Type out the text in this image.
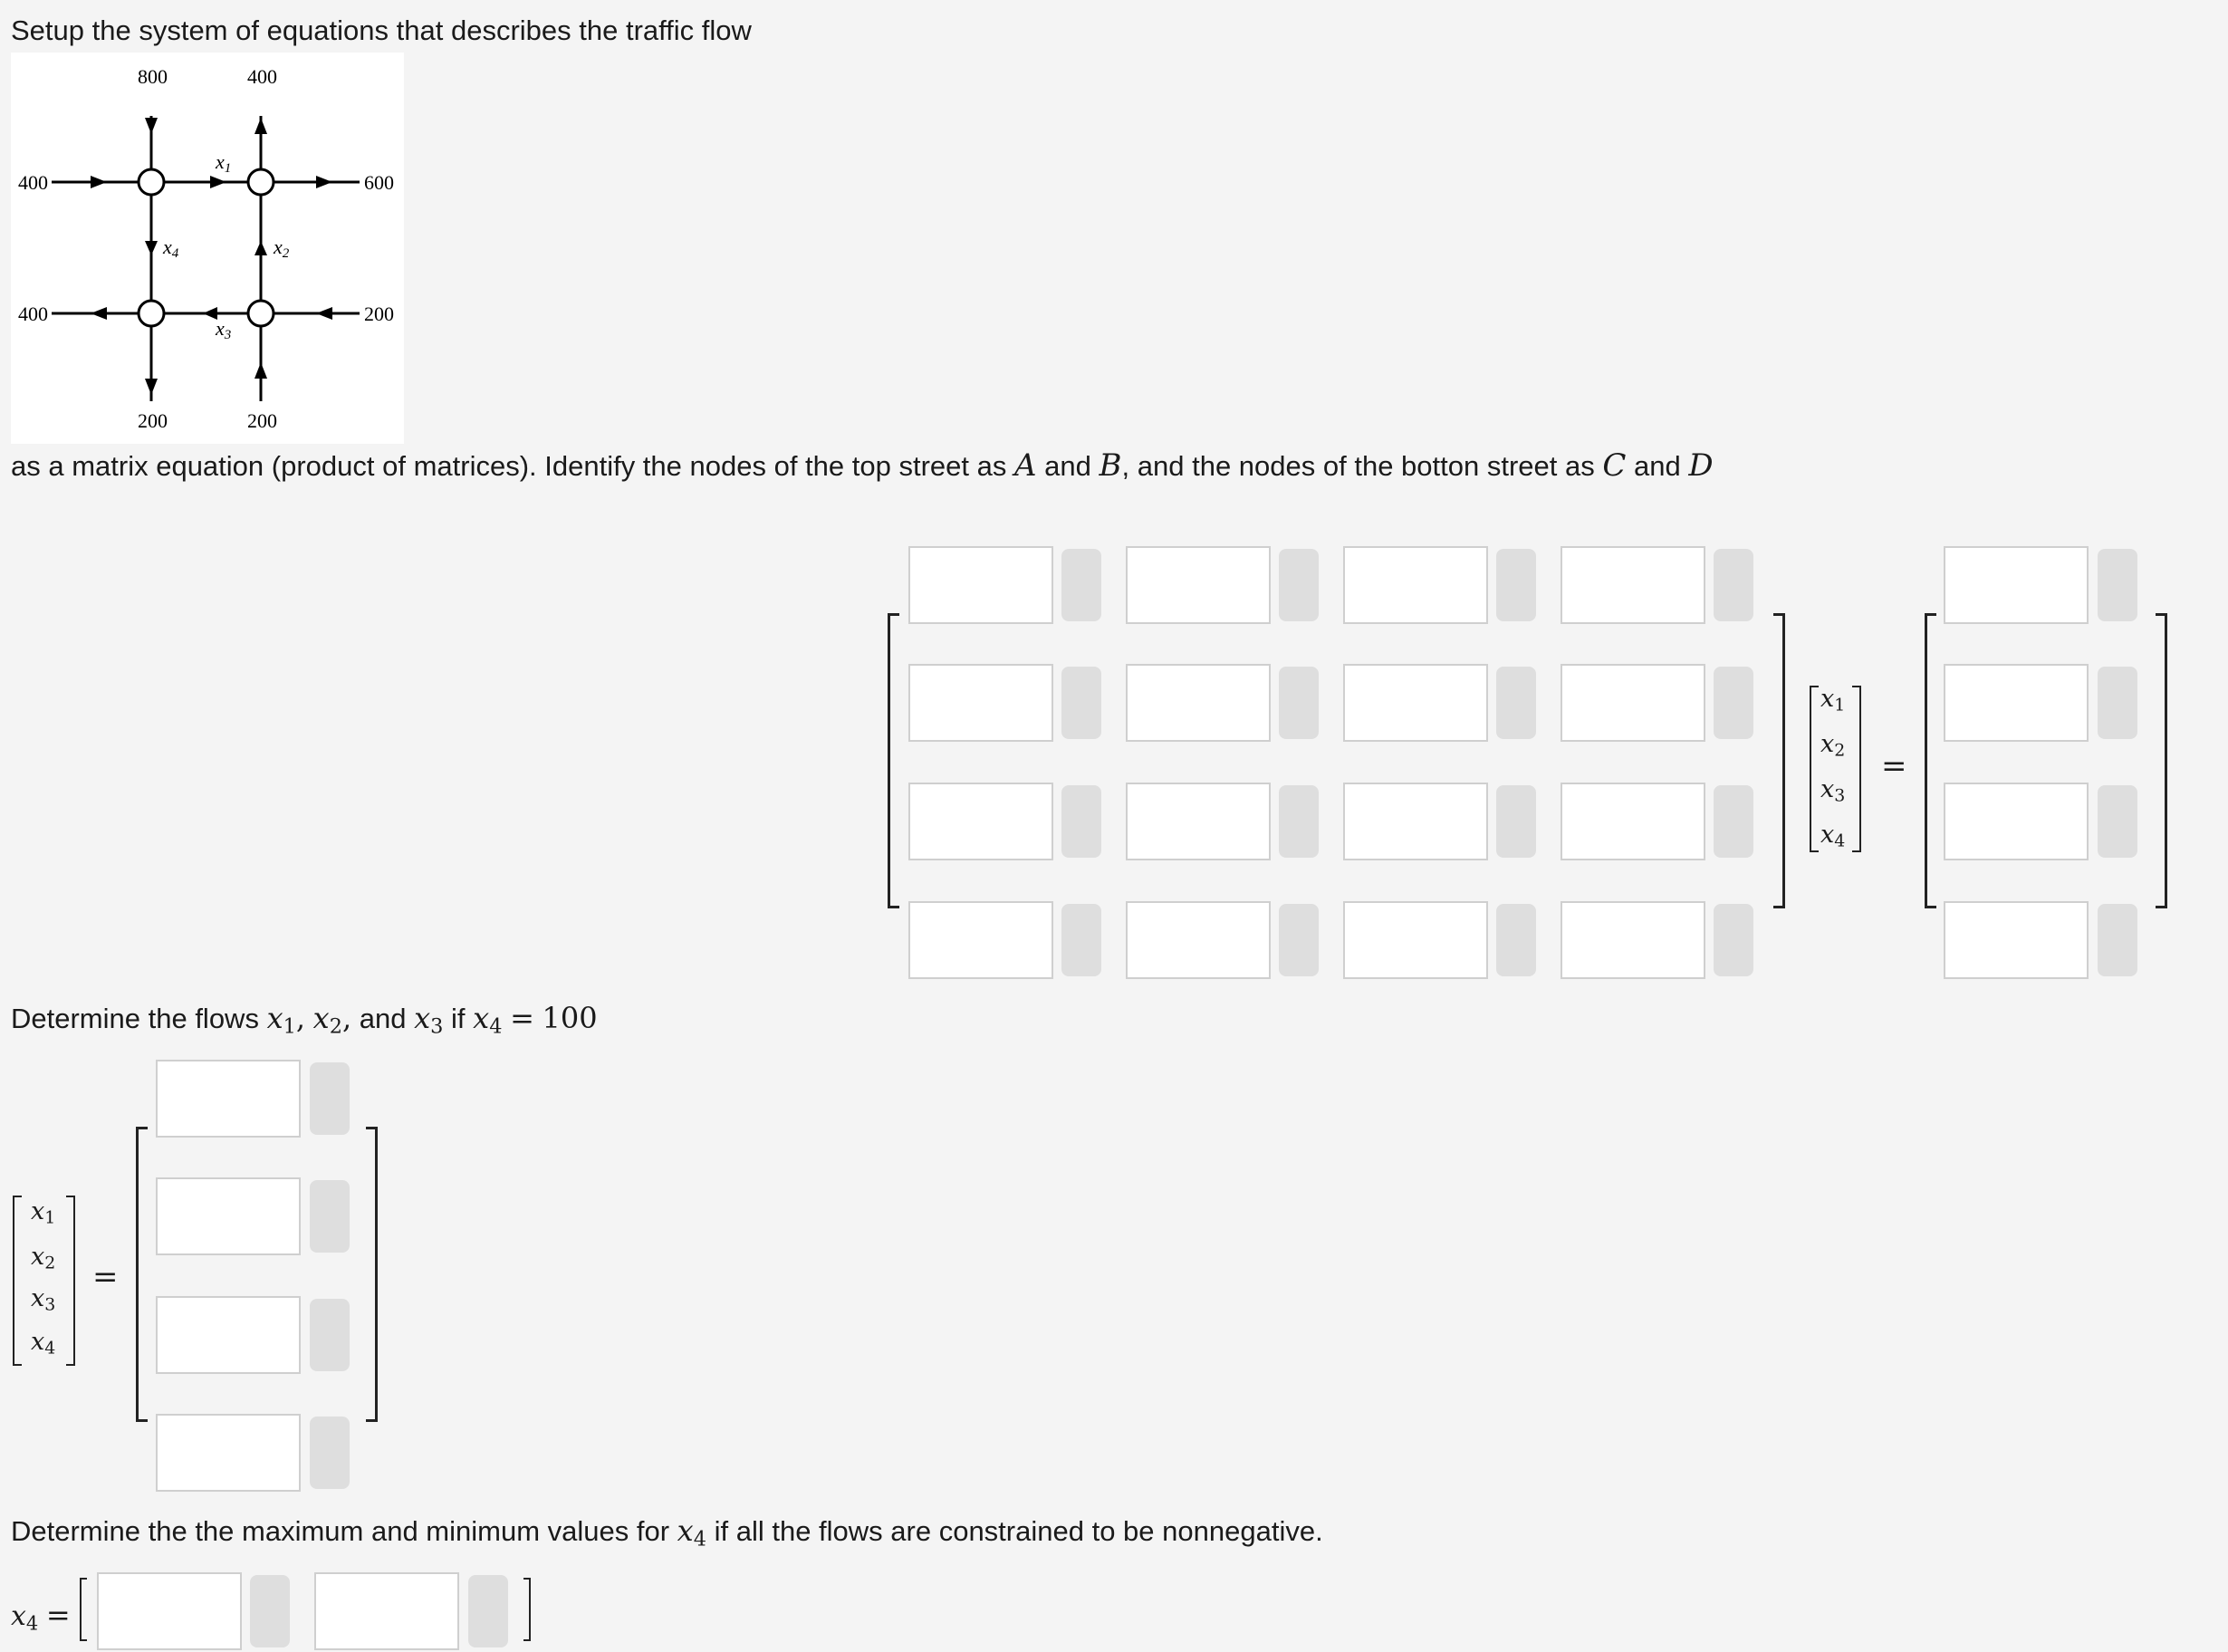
Setup the system of equations that describes the traffic flow
800	400
400	600
400	200
200	200
x1
x2
x3
x4
as a matrix equation (product of matrices). Identify the nodes of the top street as A and B, and the nodes of the botton street as C and D
$x_1$
$x_2$
$x_3$
$x_4$
=
Determine the flows $x_1$, $x_2$, and $x_3$ if $x_4 = 100$
$x_1$
$x_2$
$x_3$
$x_4$
=
Determine the the maximum and minimum values for $x_4$ if all the flows are constrained to be nonnegative.
$x_4$ =
